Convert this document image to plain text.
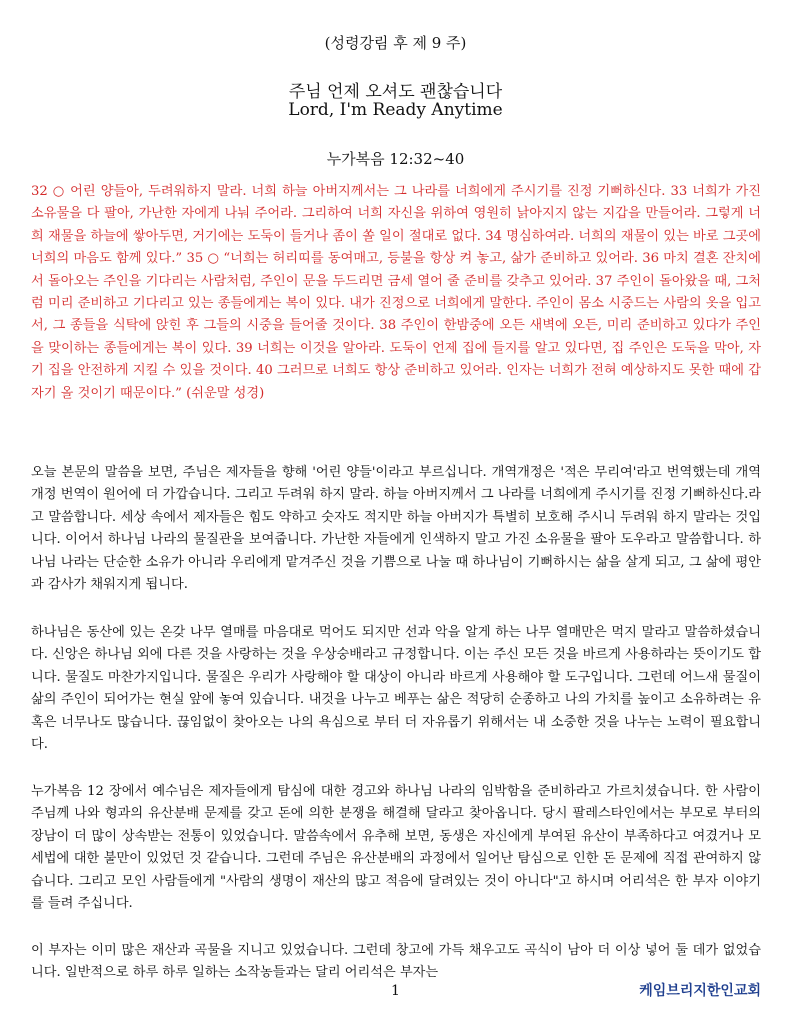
(성령강림 후 제 9 주)
주님 언제 오셔도 괜찮습니다
Lord, I'm Ready Anytime
누가복음 12:32~40

32 ○ 어린 양들아, 두려워하지 말라. 너희 하늘 아버지께서는 그 나라를 너희에게 주시기를 진정 기뻐하신다. 33 너희가 가진 소유물을 다 팔아, 가난한 자에게 나눠 주어라. 그리하여 너희 자신을 위하여 영원히 낡아지지 않는 지갑을 만들어라. 그렇게 너희 재물을 하늘에 쌓아두면, 거기에는 도둑이 들거나 좀이 쏠 일이 절대로 없다. 34 명심하여라. 너희의 재물이 있는 바로 그곳에 너희의 마음도 함께 있다.” 35 ○ “너희는 허리띠를 동여매고, 등불을 항상 켜 놓고, 삶가 준비하고 있어라. 36 마치 결혼 잔치에서 돌아오는 주인을 기다리는 사람처럼, 주인이 문을 두드리면 금세 열어 줄 준비를 갖추고 있어라. 37 주인이 돌아왔을 때, 그처럼 미리 준비하고 기다리고 있는 종들에게는 복이 있다. 내가 진정으로 너희에게 말한다. 주인이 몸소 시중드는 사람의 옷을 입고서, 그 종들을 식탁에 앉힌 후 그들의 시중을 들어줄 것이다. 38 주인이 한밤중에 오든 새벽에 오든, 미리 준비하고 있다가 주인을 맞이하는 종들에게는 복이 있다. 39 너희는 이것을 알아라. 도둑이 언제 집에 들지를 알고 있다면, 집 주인은 도둑을 막아, 자기 집을 안전하게 지킬 수 있을 것이다. 40 그러므로 너희도 항상 준비하고 있어라. 인자는 너희가 전혀 예상하지도 못한 때에 갑자기 올 것이기 때문이다.” (쉬운말 성경)

오늘 본문의 말씀을 보면, 주님은 제자들을 향해 '어린 양들'이라고 부르십니다. 개역개정은 '적은 무리여'라고 번역했는데 개역개정 번역이 원어에 더 가깝습니다. 그리고 두려워 하지 말라. 하늘 아버지께서 그 나라를 너희에게 주시기를 진정 기뻐하신다.라고 말씀합니다. 세상 속에서 제자들은 힘도 약하고 숫자도 적지만 하늘 아버지가 특별히 보호해 주시니 두려워 하지 말라는 것입니다. 이어서 하나님 나라의 물질관을 보여줍니다. 가난한 자들에게 인색하지 말고 가진 소유물을 팔아 도우라고 말씀합니다. 하나님 나라는 단순한 소유가 아니라 우리에게 맡겨주신 것을 기쁨으로 나눌 때 하나님이 기뻐하시는 삶을 살게 되고, 그 삶에 평안과 감사가 채워지게 됩니다.

하나님은 동산에 있는 온갖 나무 열매를 마음대로 먹어도 되지만 선과 악을 알게 하는 나무 열매만은 먹지 말라고 말씀하셨습니다. 신앙은 하나님 외에 다른 것을 사랑하는 것을 우상숭배라고 규정합니다. 이는 주신 모든 것을 바르게 사용하라는 뜻이기도 합니다. 물질도 마찬가지입니다. 물질은 우리가 사랑해야 할 대상이 아니라 바르게 사용해야 할 도구입니다. 그런데 어느새 물질이 삶의 주인이 되어가는 현실 앞에 놓여 있습니다. 내것을 나누고 베푸는 삶은 적당히 순종하고 나의 가치를 높이고 소유하려는 유혹은 너무나도 많습니다. 끊임없이 찾아오는 나의 욕심으로 부터 더 자유롭기 위해서는 내 소중한 것을 나누는 노력이 필요합니다.

누가복음 12 장에서 예수님은 제자들에게 탐심에 대한 경고와 하나님 나라의 임박함을 준비하라고 가르치셨습니다. 한 사람이 주님께 나와 형과의 유산분배 문제를 갖고 돈에 의한 분쟁을 해결해 달라고 찾아옵니다. 당시 팔레스타인에서는 부모로 부터의 장남이 더 많이 상속받는 전통이 있었습니다. 말씀속에서 유추해 보면, 동생은 자신에게 부여된 유산이 부족하다고 여겼거나 모세법에 대한 불만이 있었던 것 같습니다. 그런데 주님은 유산분배의 과정에서 일어난 탐심으로 인한 돈 문제에 직접 관여하지 않습니다. 그리고 모인 사람들에게 "사람의 생명이 재산의 많고 적음에 달려있는 것이 아니다"고 하시며 어리석은 한 부자 이야기를 들려 주십니다.

이 부자는 이미 많은 재산과 곡물을 지니고 있었습니다. 그런데 창고에 가득 채우고도 곡식이 남아 더 이상 넣어 둘 데가 없었습니다. 일반적으로 하루 하루 일하는 소작농들과는 달리 어리석은 부자는

1	케임브리지한인교회
